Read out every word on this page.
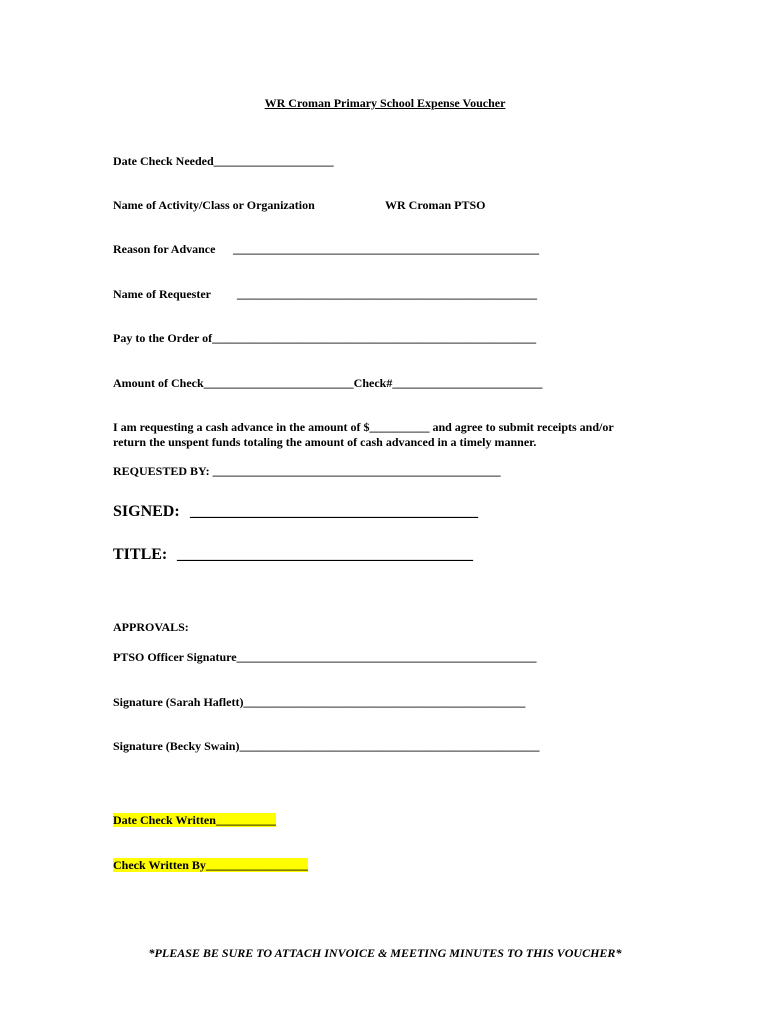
WR Croman Primary School Expense Voucher
Date Check Needed____________________
Name of Activity/Class or Organization	WR Croman PTSO
Reason for Advance ___________________________________________________
Name of Requester __________________________________________________
Pay to the Order of______________________________________________________
Amount of Check_________________________Check#_________________________
I am requesting a cash advance in the amount of $__________ and agree to submit receipts and/or
return the unspent funds totaling the amount of cash advanced in a timely manner.
REQUESTED BY: ________________________________________________
SIGNED: ____________________________________
TITLE: _____________________________________
APPROVALS:
PTSO Officer Signature__________________________________________________
Signature (Sarah Haflett)_______________________________________________
Signature (Becky Swain)__________________________________________________
Date Check Written__________
Check Written By_________________
*PLEASE BE SURE TO ATTACH INVOICE & MEETING MINUTES TO THIS VOUCHER*
